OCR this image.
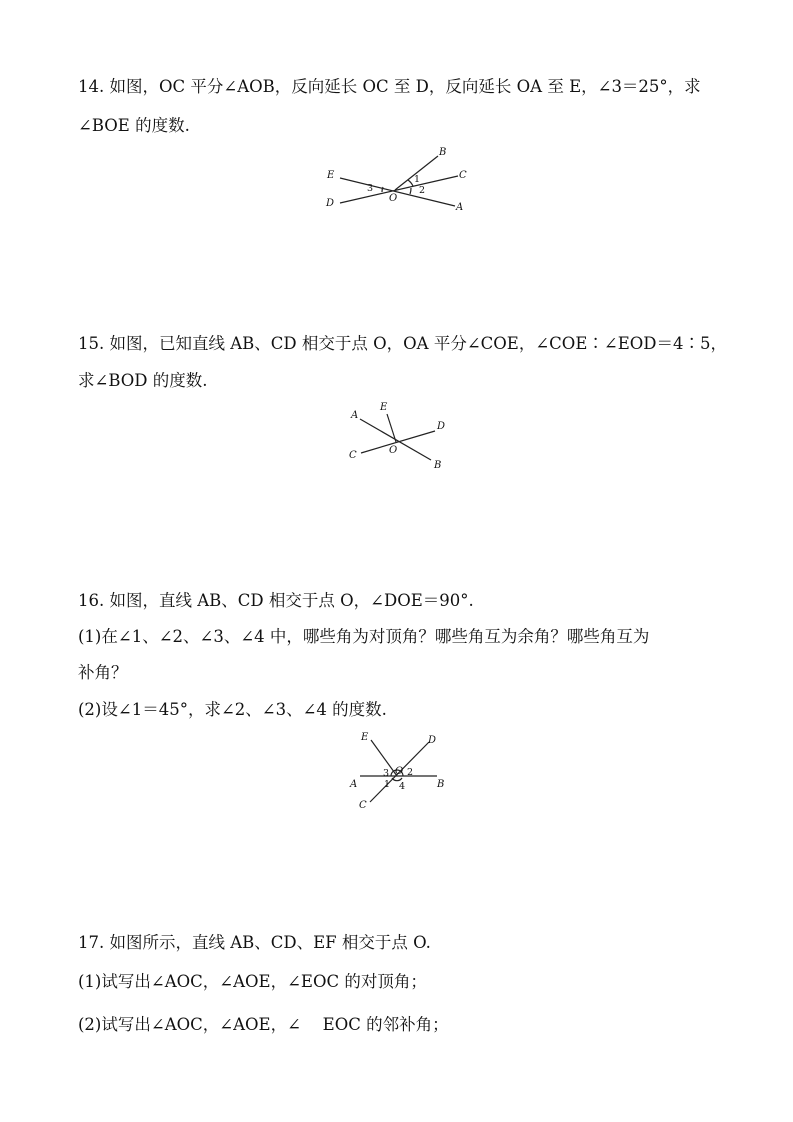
14. 如图，OC 平分∠AOB，反向延长 OC 至 D，反向延长 OA 至 E，∠3＝25°，求
∠BOE 的度数.
E
B
C
D	O
A
1
2
3
15. 如图，已知直线 AB、CD 相交于点 O，OA 平分∠COE，∠COE∶∠EOD＝4∶5，
求∠BOD 的度数.
A
E
D
C	O
B
16. 如图，直线 AB、CD 相交于点 O，∠DOE＝90°.
(1)在∠1、∠2、∠3、∠4 中，哪些角为对顶角？哪些角互为余角？哪些角互为
补角？
(2)设∠1＝45°，求∠2、∠3、∠4 的度数.
E	D
O
3 2
A	1 4	B
C
17. 如图所示，直线 AB、CD、EF 相交于点 O.
(1)试写出∠AOC，∠AOE，∠EOC 的对顶角；
(2)试写出∠AOC，∠AOE，∠　 EOC 的邻补角；
